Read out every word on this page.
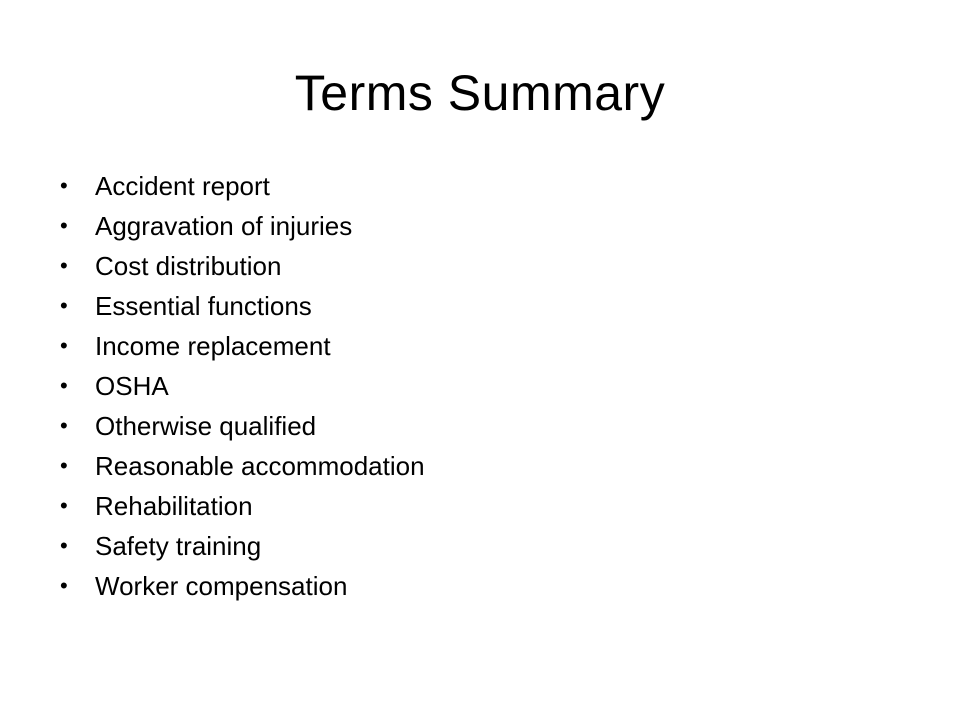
Terms Summary
•	Accident report
•	Aggravation of injuries
•	Cost distribution
•	Essential functions
•	Income replacement
•	OSHA
•	Otherwise qualified
•	Reasonable accommodation
•	Rehabilitation
•	Safety training
•	Worker compensation
